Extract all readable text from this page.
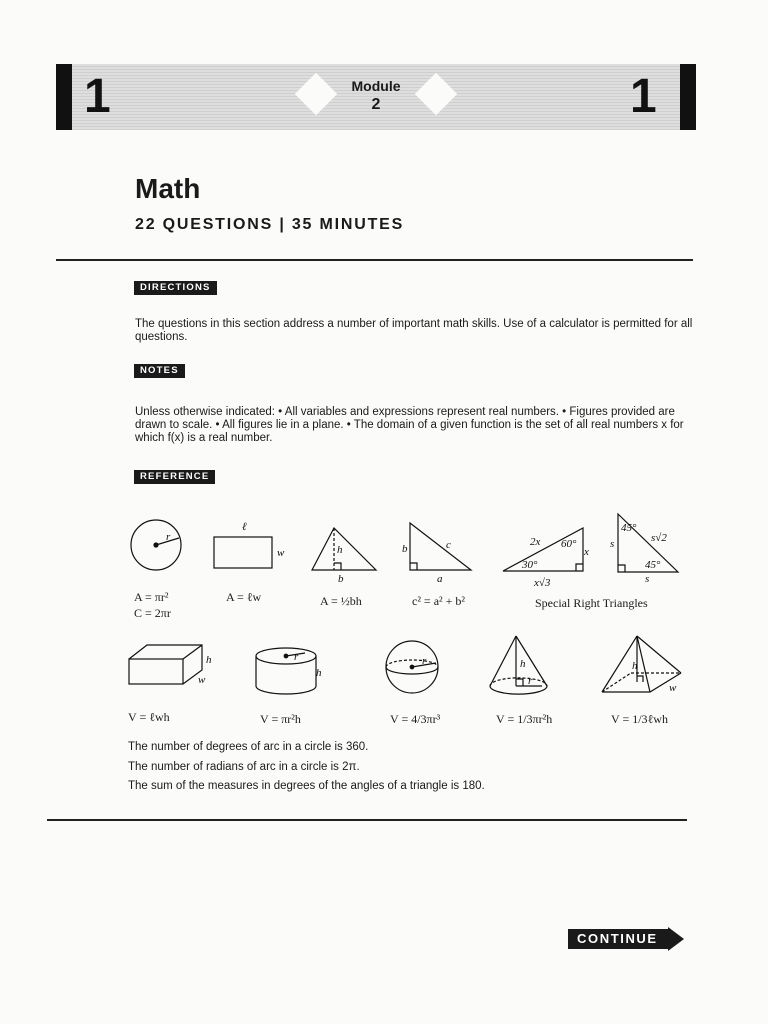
1	Module
2	1
Math
22 QUESTIONS | 35 MINUTES
DIRECTIONS
The questions in this section address a number of important math skills. Use of a calculator is permitted for all questions.
NOTES
Unless otherwise indicated: • All variables and expressions represent real numbers. • Figures provided are drawn to scale. • All figures lie in a plane. • The domain of a given function is the set of all real numbers x for which f(x) is a real number.
REFERENCE
r
ℓ
w	h
b
c
b
a
2x 60°
x
30°
x√3
45°
s√2
s
45°
s
h
w
r
h
r	h
r
h
w
A = πr²
C = 2πr
A = ℓw	A = ½bh	c² = a² + b²	Special Right Triangles
V = ℓwh	V = πr²h	V = 4/3πr³	V = 1/3πr²h	V = 1/3ℓwh
The number of degrees of arc in a circle is 360.
The number of radians of arc in a circle is 2π.
The sum of the measures in degrees of the angles of a triangle is 180.
CONTINUE
